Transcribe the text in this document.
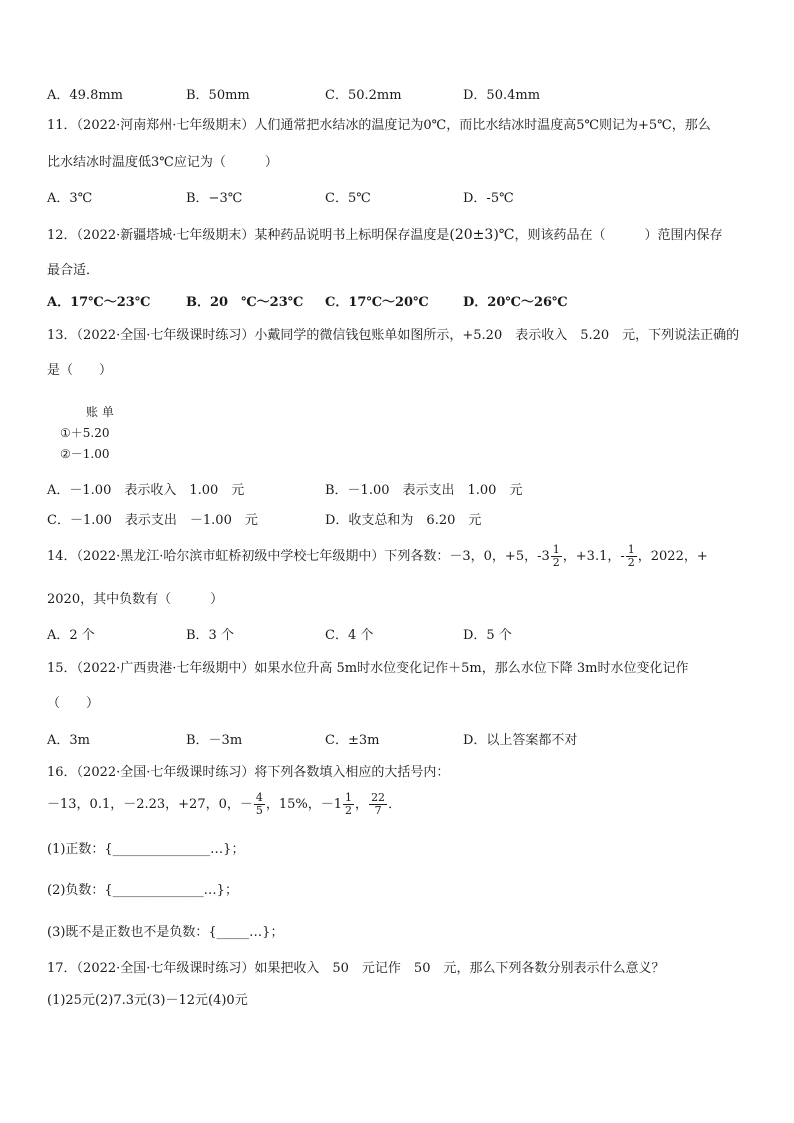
A．49.8mm	B．50mm	C．50.2mm	D．50.4mm
11．（2022·河南郑州·七年级期末）人们通常把水结冰的温度记为0℃，而比水结冰时温度高5℃则记为+5℃，那么
比水结冰时温度低3℃应记为（　　　）
A．3℃	B．−3℃	C．5℃	D．-5℃
12．（2022·新疆塔城·七年级期末）某种药品说明书上标明保存温度是(20±3)℃，则该药品在（　　　）范围内保存
最合适．
A．17℃～23℃	B．20　℃～23℃ C．17℃～20℃	D．20℃～26℃
13．（2022·全国·七年级课时练习）小戴同学的微信钱包账单如图所示，+5.20　表示收入　5.20　元，下列说法正确的
是（　　）
账 单
①＋5.20
②－1.00
A．－1.00　表示收入　1.00　元	B．－1.00　表示支出　1.00　元
C．－1.00　表示支出　－1.00　元	D．收支总和为　6.20　元
14．（2022·黑龙江·哈尔滨市虹桥初级中学校七年级期中）下列各数：－3，0，+5，$-3 \frac{1}{2}$ ，+3.1，- $\frac{1}{2}$ ，2022，+
2020，其中负数有（　　　）
A．2 个	B．3 个	C．4 个	D．5 个
15．（2022·广西贵港·七年级期中）如果水位升高 5m时水位变化记作＋5m，那么水位下降 3m时水位变化记作
（　　）
A．3m	B．－3m	C．±3m	D．以上答案都不对
16．（2022·全国·七年级课时练习）将下列各数填入相应的大括号内：
－13，0.1，－2.23，+27，0，－ $\frac{4}{5}$ ，15%，$-1 \frac{1}{2}$ ， $\frac{22}{7}$ ．
(1)正数：{_______________…}；
(2)负数：{______________…}；
(3)既不是正数也不是负数：{_____…}；
17．（2022·全国·七年级课时练习）如果把收入　50　元记作　50　元，那么下列各数分别表示什么意义？
(1)25元(2)7.3元(3)－12元(4)0元
